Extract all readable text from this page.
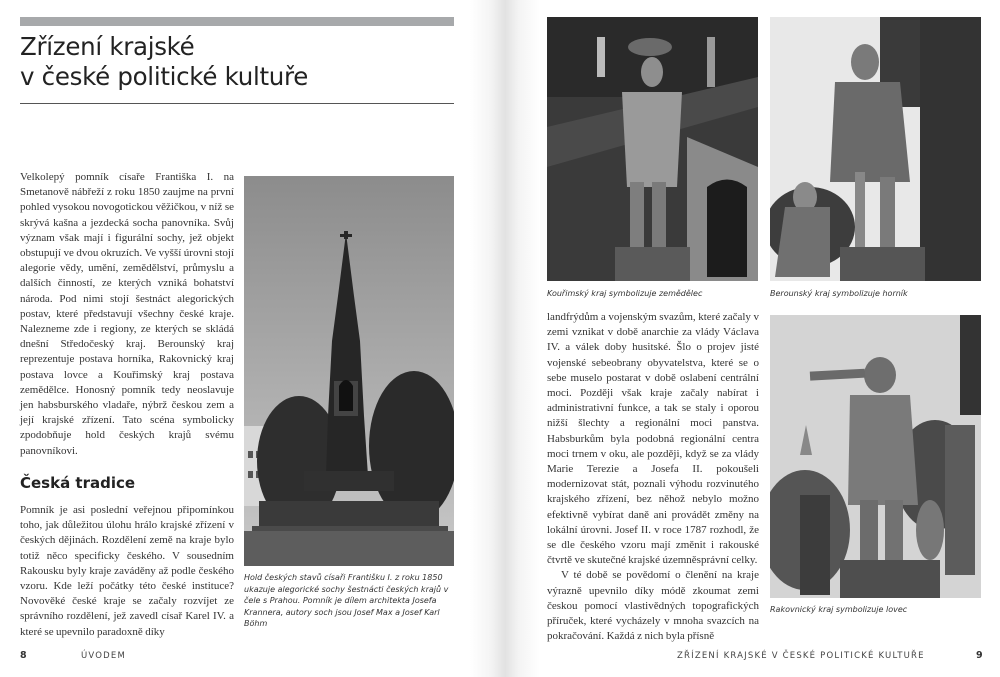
Zřízení krajské
v české politické kultuře

Velkolepý pomník císaře Františka I. na Smetanově nábřeží z roku 1850 zaujme na první pohled vysokou novogotickou věžičkou, v níž se skrývá kašna a jezdecká socha panovníka. Svůj význam však mají i figurální sochy, jež objekt obstupují ve dvou okruzích. Ve vyšší úrovni stojí alegorie vědy, umění, zemědělství, průmyslu a dalších činností, ze kterých vzniká bohatství národa. Pod nimi stojí šestnáct alegorických postav, které představují všechny české kraje. Nalezneme zde i regiony, ze kterých se skládá dnešní Středočeský kraj. Berounský kraj reprezentuje postava horníka, Rakovnický kraj postava lovce a Kouřimský kraj postava zemědělce. Honosný pomník tedy neoslavuje jen habsburského vladaře, nýbrž českou zem a její krajské zřízení. Tato scéna symbolicky zpodobňuje hold českých krajů svému panovníkovi.

Česká tradice

Pomník je asi poslední veřejnou připomínkou toho, jak důležitou úlohu hrálo krajské zřízení v českých dějinách. Rozdělení země na kraje bylo totiž něco specificky českého. V sousedním Rakousku byly kraje zaváděny až podle českého vzoru. Kde leží počátky této české instituce? Novověké české kraje se začaly rozvíjet ze správního rozdělení, jež zavedl císař Karel IV. a které se upevnilo paradoxně díky

Hold českých stavů císaři Františku I. z roku 1850 ukazuje alegorické sochy šestnácti českých krajů v čele s Prahou. Pomník je dílem architekta Josefa Krannera, autory soch jsou Josef Max a Josef Karl Böhm
8	ÚVODEM
Kouřimský kraj symbolizuje zemědělec	Berounský kraj symbolizuje horník

landfrýdům a vojenským svazům, které začaly v zemi vznikat v době anarchie za vlády Václava IV. a válek doby husitské. Šlo o projev jisté vojenské sebeobrany obyvatelstva, které se o sebe muselo postarat v době oslabení centrální moci. Později však kraje začaly nabírat i administrativní funkce, a tak se staly i oporou nižší šlechty a regionální moci panstva. Habsburkům byla podobná regionální centra moci trnem v oku, ale později, když se za vlády Marie Terezie a Josefa II. pokoušeli modernizovat stát, poznali výhodu rozvinutého krajského zřízení, bez něhož nebylo možno efektivně vybírat daně ani provádět změny na lokální úrovni. Josef II. v roce 1787 rozhodl, že se dle českého vzoru mají změnit i rakouské čtvrtě ve skutečné krajské územněsprávní celky.

V té době se povědomí o členění na kraje výrazně upevnilo díky módě zkoumat zemi českou pomocí vlastivědných topografických příruček, které vycházely v mnoha svazcích na pokračování. Každá z nich byla přísně

Rakovnický kraj symbolizuje lovec
ZŘÍZENÍ KRAJSKÉ V ČESKÉ POLITICKÉ KULTUŘE	9
